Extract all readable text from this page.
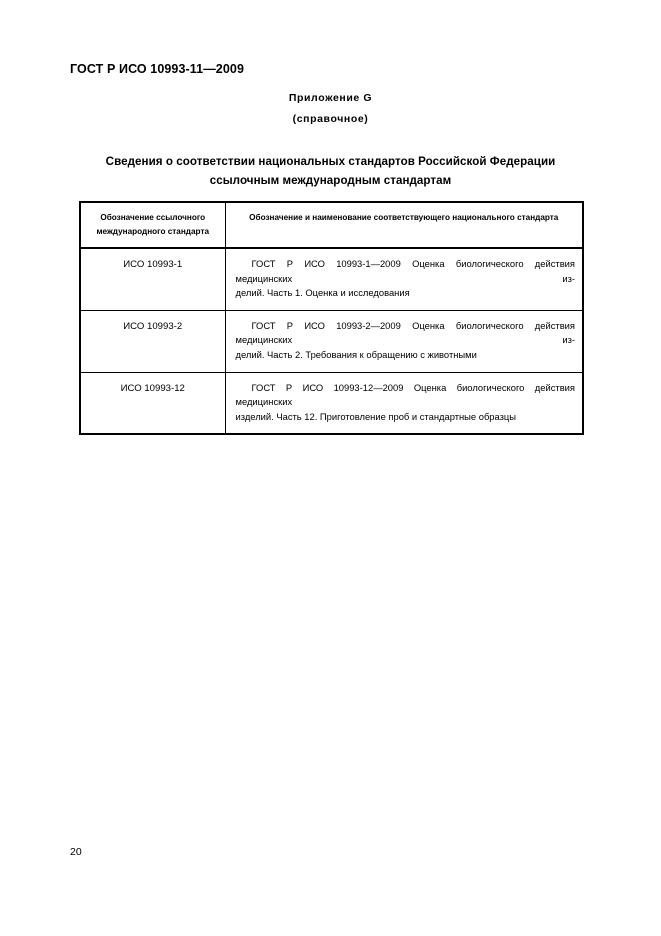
ГОСТ Р ИСО 10993-11—2009
Приложение G
(справочное)
Сведения о соответствии национальных стандартов Российской Федерации
ссылочным международным стандартам
Обозначение ссылочного
международного стандарта	Обозначение и наименование соответствующего национального стандарта

ИСО 10993-1	ГОСТ Р ИСО 10993-1—2009 Оценка биологического действия медицинских из-
делий. Часть 1. Оценка и исследования

ИСО 10993-2	ГОСТ Р ИСО 10993-2—2009 Оценка биологического действия медицинских из-
делий. Часть 2. Требования к обращению с животными

ИСО 10993-12	ГОСТ Р ИСО 10993-12—2009 Оценка биологического действия медицинских
изделий. Часть 12. Приготовление проб и стандартные образцы
20
